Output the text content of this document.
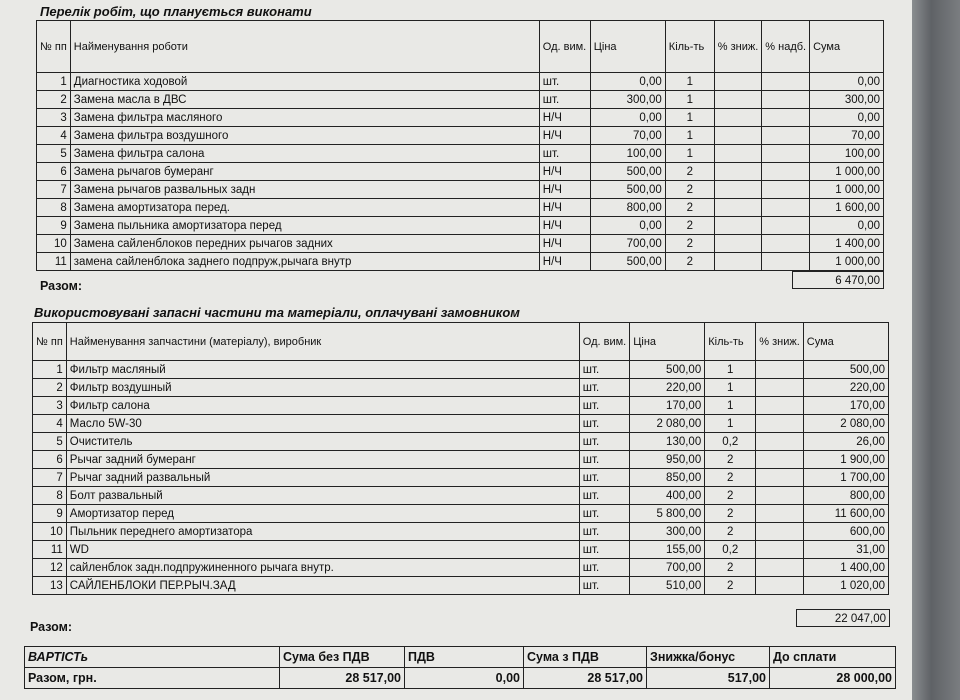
Перелік робіт, що планується виконати
№ пп	Найменування роботи	Од. вим.	Ціна	Кіль-ть	% зниж.	% надб.	Сума
1	Диагностика ходовой	шт.	0,00	1			0,00
2	Замена масла в ДВС	шт.	300,00	1			300,00
3	Замена фильтра масляного	Н/Ч	0,00	1			0,00
4	Замена фильтра воздушного	Н/Ч	70,00	1			70,00
5	Замена фильтра салона	шт.	100,00	1			100,00
6	Замена рычагов бумеранг	Н/Ч	500,00	2			1 000,00
7	Замена рычагов развальных задн	Н/Ч	500,00	2			1 000,00
8	Замена амортизатора перед.	Н/Ч	800,00	2			1 600,00
9	Замена пыльника амортизатора перед	Н/Ч	0,00	2			0,00
10	Замена сайленблоков передних рычагов задних	Н/Ч	700,00	2			1 400,00
11	замена сайленблока заднего подпруж,рычага внутр	Н/Ч	500,00	2			1 000,00
Разом:	6 470,00
Використовувані запасні частини та матеріали, оплачувані замовником
№ пп	Найменування запчастини (матеріалу), виробник	Од. вим.	Ціна	Кіль-ть	% зниж.	Сума
1	Фильтр масляный	шт.	500,00	1		500,00
2	Фильтр воздушный	шт.	220,00	1		220,00
3	Фильтр салона	шт.	170,00	1		170,00
4	Масло 5W-30	шт.	2 080,00	1		2 080,00
5	Очиститель	шт.	130,00	0,2		26,00
6	Рычаг задний бумеранг	шт.	950,00	2		1 900,00
7	Рычаг задний развальный	шт.	850,00	2		1 700,00
8	Болт развальный	шт.	400,00	2		800,00
9	Амортизатор перед	шт.	5 800,00	2		11 600,00
10	Пыльник переднего амортизатора	шт.	300,00	2		600,00
11	WD	шт.	155,00	0,2		31,00
12	сайленблок задн.подпружиненного рычага внутр.	шт.	700,00	2		1 400,00
13	САЙЛЕНБЛОКИ ПЕР.РЫЧ.ЗАД	шт.	510,00	2		1 020,00
Разом:
22 047,00
ВАРТІСТь	Сума без ПДВ	ПДВ	Сума з ПДВ	Знижка/бонус	До сплати
Разом, грн.	28 517,00	0,00	28 517,00	517,00	28 000,00
